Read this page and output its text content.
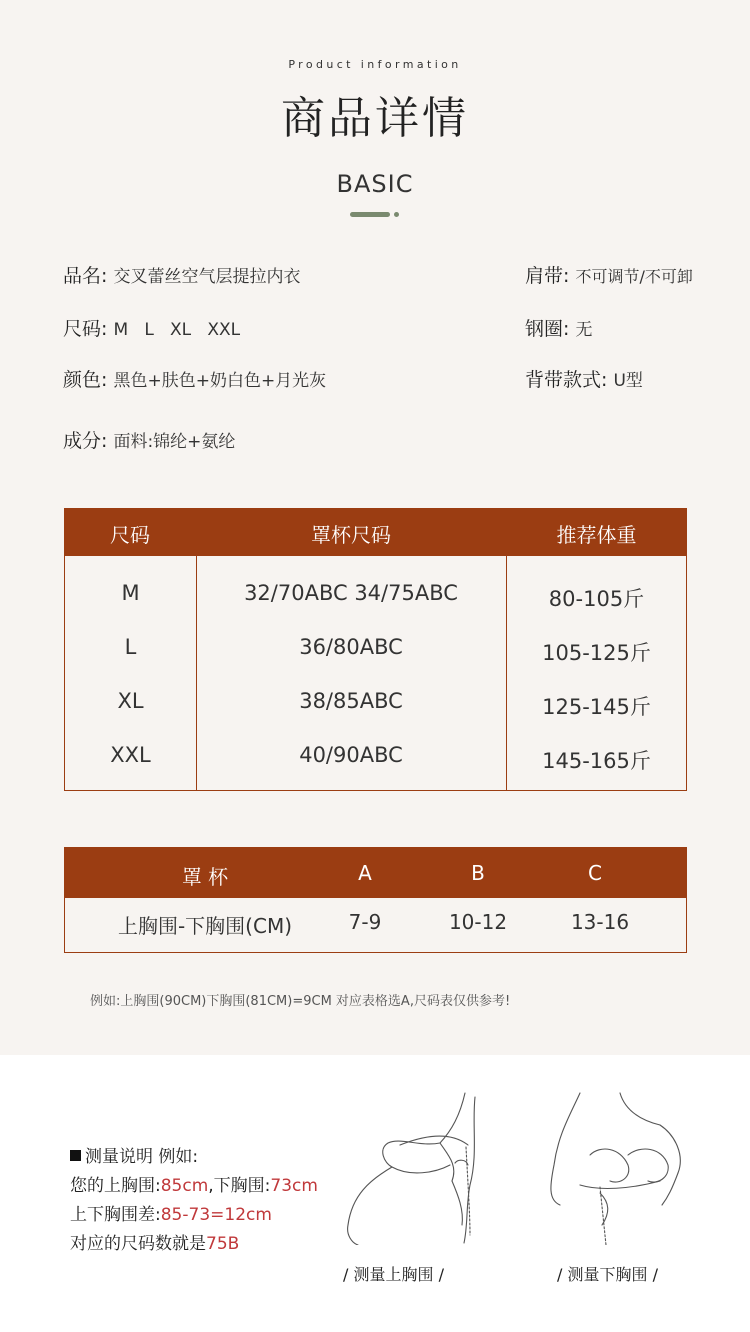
Product information
商品详情
BASIC
品名: 交叉蕾丝空气层提拉内衣	肩带: 不可调节/不可卸
尺码: M   L   XL   XXL	钢圈: 无
颜色: 黑色+肤色+奶白色+月光灰	背带款式: U型
成分: 面料:锦纶+氨纶
尺码	罩杯尺码	推荐体重
M	32/70ABC 34/75ABC	80-105斤
L	36/80ABC	105-125斤
XL	38/85ABC	125-145斤
XXL	40/90ABC	145-165斤
罩 杯	A	B	C
上胸围-下胸围(CM)	7-9	10-12	13-16
例如:上胸围(90CM)下胸围(81CM)=9CM 对应表格选A,尺码表仅供参考!
测量说明 例如:
您的上胸围:85cm,下胸围:73cm
上下胸围差:85-73=12cm
对应的尺码数就是75B
/ 测量上胸围 /	/ 测量下胸围 /
